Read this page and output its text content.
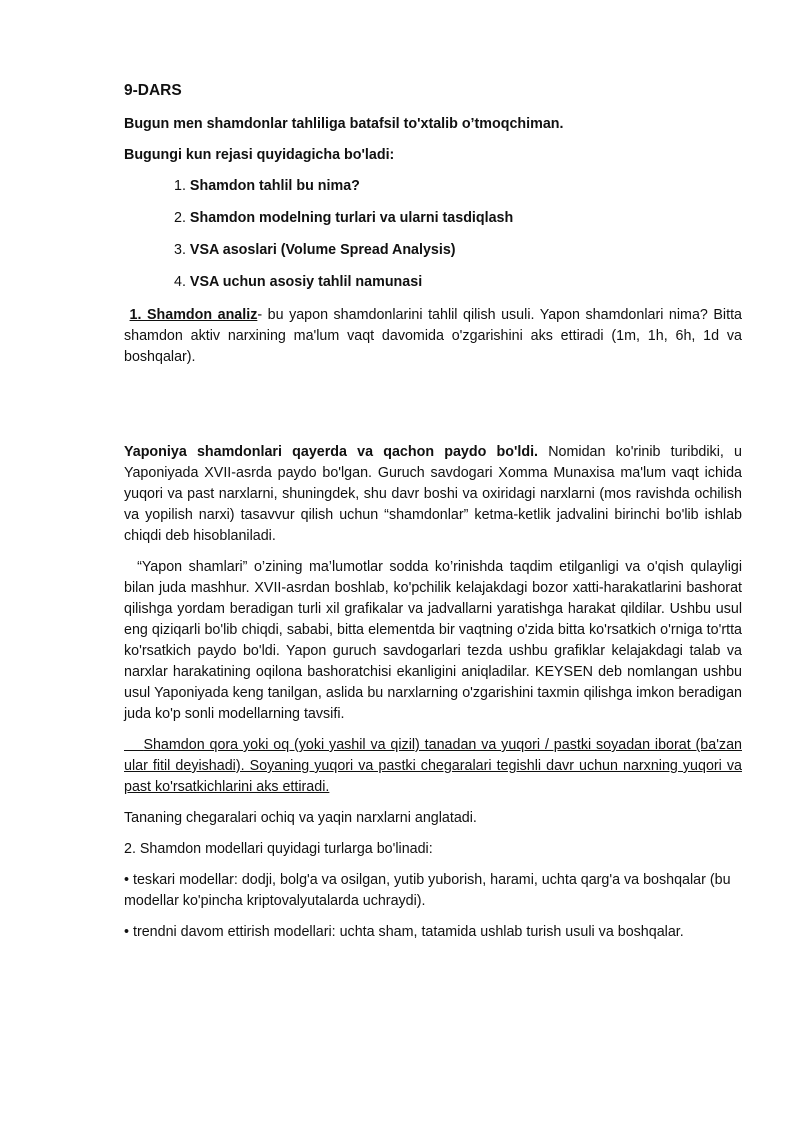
9-DARS

Bugun men shamdonlar tahliliga batafsil to'xtalib o’tmoqchiman.

Bugungi kun rejasi quyidagicha bo'ladi:

1. Shamdon tahlil bu nima?
2. Shamdon modelning turlari va ularni tasdiqlash
3. VSA asoslari (Volume Spread Analysis)
4. VSA uchun asosiy tahlil namunasi

1. Shamdon analiz- bu yapon shamdonlarini tahlil qilish usuli. Yapon shamdonlari nima? Bitta shamdon aktiv narxining ma'lum vaqt davomida o'zgarishini aks ettiradi (1m, 1h, 6h, 1d va boshqalar).

Yaponiya shamdonlari qayerda va qachon paydo bo'ldi. Nomidan ko'rinib turibdiki, u Yaponiyada XVII-asrda paydo bo'lgan. Guruch savdogari Xomma Munaxisa ma'lum vaqt ichida yuqori va past narxlarni, shuningdek, shu davr boshi va oxiridagi narxlarni (mos ravishda ochilish va yopilish narxi) tasavvur qilish uchun “shamdonlar” ketma-ketlik jadvalini birinchi bo'lib ishlab chiqdi deb hisoblaniladi.

“Yapon shamlari” o’zining ma’lumotlar sodda ko’rinishda taqdim etilganligi va o'qish qulayligi bilan juda mashhur. XVII-asrdan boshlab, ko'pchilik kelajakdagi bozor xatti-harakatlarini bashorat qilishga yordam beradigan turli xil grafikalar va jadvallarni yaratishga harakat qildilar. Ushbu usul eng qiziqarli bo'lib chiqdi, sababi, bitta elementda bir vaqtning o'zida bitta ko'rsatkich o'rniga to'rtta ko'rsatkich paydo bo'ldi. Yapon guruch savdogarlari tezda ushbu grafiklar kelajakdagi talab va narxlar harakatining oqilona bashoratchisi ekanligini aniqladilar. KEYSEN deb nomlangan ushbu usul Yaponiyada keng tanilgan, aslida bu narxlarning o'zgarishini taxmin qilishga imkon beradigan juda ko'p sonli modellarning tavsifi.

Shamdon qora yoki oq (yoki yashil va qizil) tanadan va yuqori / pastki soyadan iborat (ba'zan ular fitil deyishadi). Soyaning yuqori va pastki chegaralari tegishli davr uchun narxning yuqori va past ko'rsatkichlarini aks ettiradi.

Tananing chegaralari ochiq va yaqin narxlarni anglatadi.

2. Shamdon modellari quyidagi turlarga bo'linadi:

• teskari modellar: dodji, bolg'a va osilgan, yutib yuborish, harami, uchta qarg'a va boshqalar (bu modellar ko'pincha kriptovalyutalarda uchraydi).

• trendni davom ettirish modellari: uchta sham, tatamida ushlab turish usuli va boshqalar.
